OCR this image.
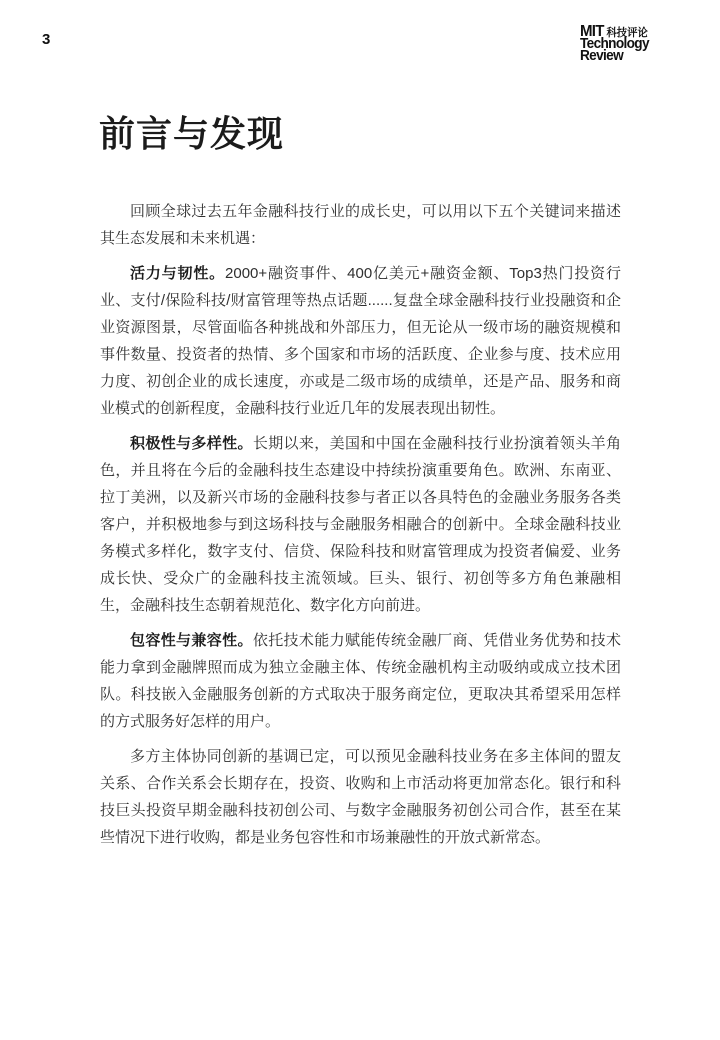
3	MIT 科技评论
Technology
Review
前言与发现

回顾全球过去五年金融科技行业的成长史，可以用以下五个关键词来描述其生态发展和未来机遇：

活力与韧性。2000+融资事件、400亿美元+融资金额、Top3热门投资行业、支付/保险科技/财富管理等热点话题......复盘全球金融科技行业投融资和企业资源图景，尽管面临各种挑战和外部压力，但无论从一级市场的融资规模和事件数量、投资者的热情、多个国家和市场的活跃度、企业参与度、技术应用力度、初创企业的成长速度，亦或是二级市场的成绩单，还是产品、服务和商业模式的创新程度，金融科技行业近几年的发展表现出韧性。

积极性与多样性。长期以来，美国和中国在金融科技行业扮演着领头羊角色，并且将在今后的金融科技生态建设中持续扮演重要角色。欧洲、东南亚、拉丁美洲，以及新兴市场的金融科技参与者正以各具特色的金融业务服务各类客户，并积极地参与到这场科技与金融服务相融合的创新中。全球金融科技业务模式多样化，数字支付、信贷、保险科技和财富管理成为投资者偏爱、业务成长快、受众广的金融科技主流领域。巨头、银行、初创等多方角色兼融相生，金融科技生态朝着规范化、数字化方向前进。

包容性与兼容性。依托技术能力赋能传统金融厂商、凭借业务优势和技术能力拿到金融牌照而成为独立金融主体、传统金融机构主动吸纳或成立技术团队。科技嵌入金融服务创新的方式取决于服务商定位，更取决其希望采用怎样的方式服务好怎样的用户。

多方主体协同创新的基调已定，可以预见金融科技业务在多主体间的盟友关系、合作关系会长期存在，投资、收购和上市活动将更加常态化。银行和科技巨头投资早期金融科技初创公司、与数字金融服务初创公司合作，甚至在某些情况下进行收购，都是业务包容性和市场兼融性的开放式新常态。
